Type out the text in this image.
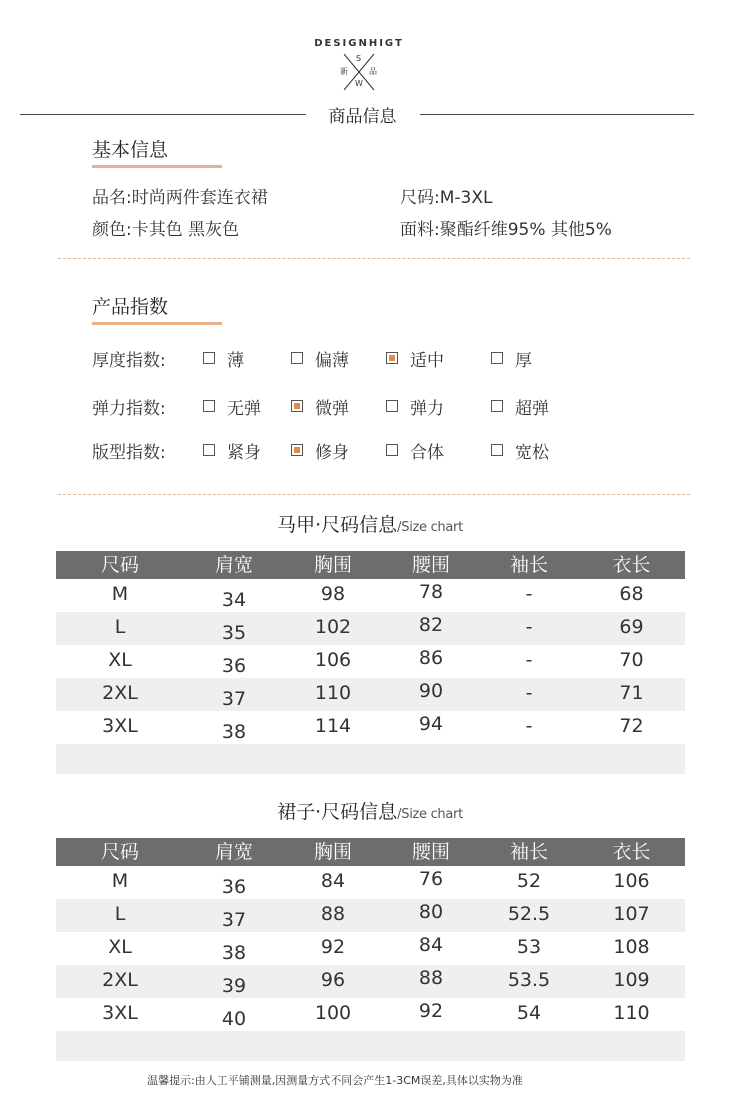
DESIGNHIGT
S
新	品
W
商品信息
基本信息
品名:时尚两件套连衣裙	尺码:M-3XL
颜色:卡其色 黑灰色	面料:聚酯纤维95% 其他5%
产品指数
厚度指数:	薄	偏薄	适中	厚
弹力指数:	无弹	微弹	弹力	超弹
版型指数:	紧身	修身	合体	宽松
马甲·尺码信息/Size chart
尺码	肩宽	胸围	腰围	袖长	衣长
M	34	98	78	-	68
L	35	102	82	-	69
XL	36	106	86	-	70
2XL	37	110	90	-	71
3XL	38	114	94	-	72
裙子·尺码信息/Size chart
尺码	肩宽	胸围	腰围	袖长	衣长
M	36	84	76	52	106
L	37	88	80	52.5	107
XL	38	92	84	53	108
2XL	39	96	88	53.5	109
3XL	40	100	92	54	110
温馨提示:由人工平铺测量,因测量方式不同会产生1-3CM误差,具体以实物为准
